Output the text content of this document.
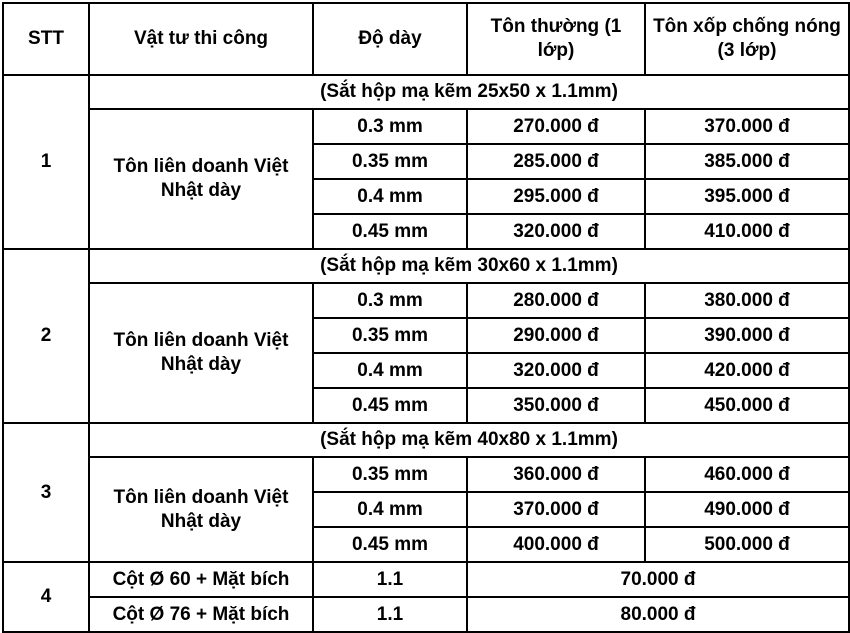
STT	Vật tư thi công	Độ dày	Tôn thường (1 lớp)	Tôn xốp chống nóng (3 lớp)
1	(Sắt hộp mạ kẽm 25x50 x 1.1mm)			
	Tôn liên doanh Việt Nhật dày	0.3 mm	270.000 đ	370.000 đ
		0.35 mm	285.000 đ	385.000 đ
		0.4 mm	295.000 đ	395.000 đ
		0.45 mm	320.000 đ	410.000 đ
2	(Sắt hộp mạ kẽm 30x60 x 1.1mm)			
	Tôn liên doanh Việt Nhật dày	0.3 mm	280.000 đ	380.000 đ
		0.35 mm	290.000 đ	390.000 đ
		0.4 mm	320.000 đ	420.000 đ
		0.45 mm	350.000 đ	450.000 đ
3	(Sắt hộp mạ kẽm 40x80 x 1.1mm)			
	Tôn liên doanh Việt Nhật dày	0.35 mm	360.000 đ	460.000 đ
		0.4 mm	370.000 đ	490.000 đ
		0.45 mm	400.000 đ	500.000 đ
4	Cột Ø 60 + Mặt bích	1.1	70.000 đ	
	Cột Ø 76 + Mặt bích	1.1	80.000 đ	
